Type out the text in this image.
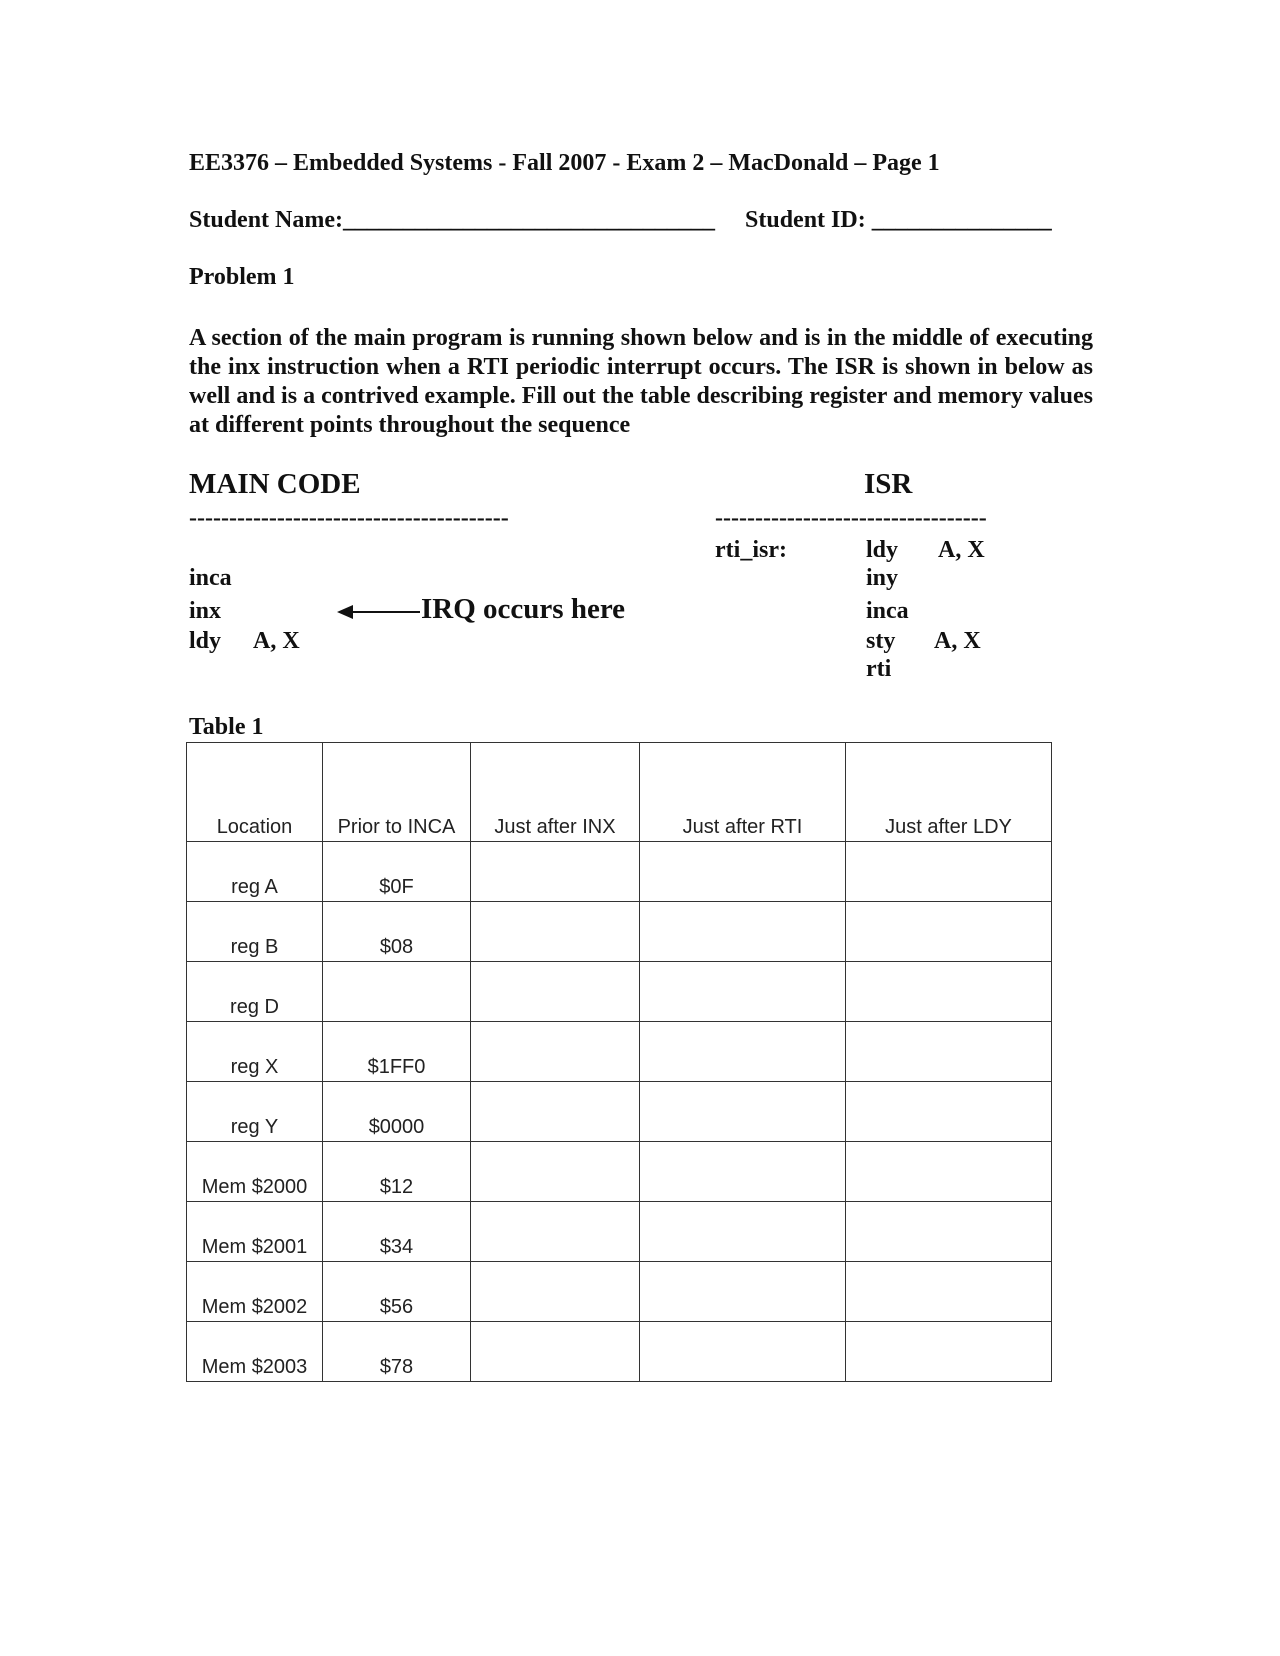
EE3376 – Embedded Systems - Fall 2007 - Exam 2 – MacDonald – Page 1
Student Name:_______________________________ Student ID: _______________
Problem 1
A section of the main program is running shown below and is in the middle of executing the inx instruction when a RTI periodic interrupt occurs. The ISR is shown in below as well and is a contrived example. Fill out the table describing register and memory values at different points throughout the sequence
MAIN CODE
----------------------------------------
inca
inx
ldy A, X
IRQ occurs here
ISR
----------------------------------
rti_isr:	ldy A, X
iny
inca
sty A, X
rti
Table 1
Location	Prior to INCA	Just after INX	Just after RTI	Just after LDY
reg A	$0F			
reg B	$08			
reg D				
reg X	$1FF0			
reg Y	$0000			
Mem $2000	$12			
Mem $2001	$34			
Mem $2002	$56			
Mem $2003	$78			
